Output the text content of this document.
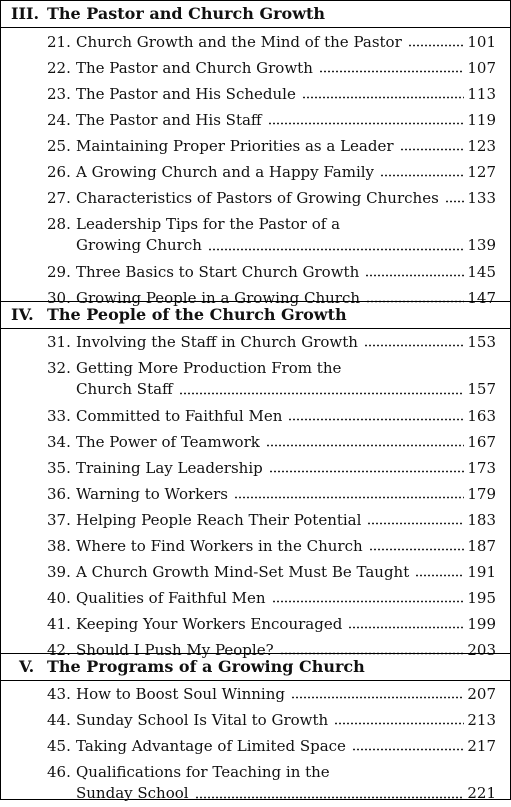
III. The Pastor and Church Growth
21. Church Growth and the Mind of the Pastor	101
22. The Pastor and Church Growth	107
23. The Pastor and His Schedule	113
24. The Pastor and His Staff	119
25. Maintaining Proper Priorities as a Leader	123
26. A Growing Church and a Happy Family	127
27. Characteristics of Pastors of Growing Churches 133
28. Leadership Tips for the Pastor of a
Growing Church	139
29. Three Basics to Start Church Growth	145
30. Growing People in a Growing Church	147
IV. The People of the Church Growth
31. Involving the Staff in Church Growth	153
32. Getting More Production From the
Church Staff	157
33. Committed to Faithful Men	163
34. The Power of Teamwork	167
35. Training Lay Leadership	173
36. Warning to Workers	179
37. Helping People Reach Their Potential	183
38. Where to Find Workers in the Church	187
39. A Church Growth Mind-Set Must Be Taught	191
40. Qualities of Faithful Men	195
41. Keeping Your Workers Encouraged	199
42. Should I Push My People?	203
V. The Programs of a Growing Church
43. How to Boost Soul Winning	207
44. Sunday School Is Vital to Growth	213
45. Taking Advantage of Limited Space	217
46. Qualifications for Teaching in the
Sunday School	221
